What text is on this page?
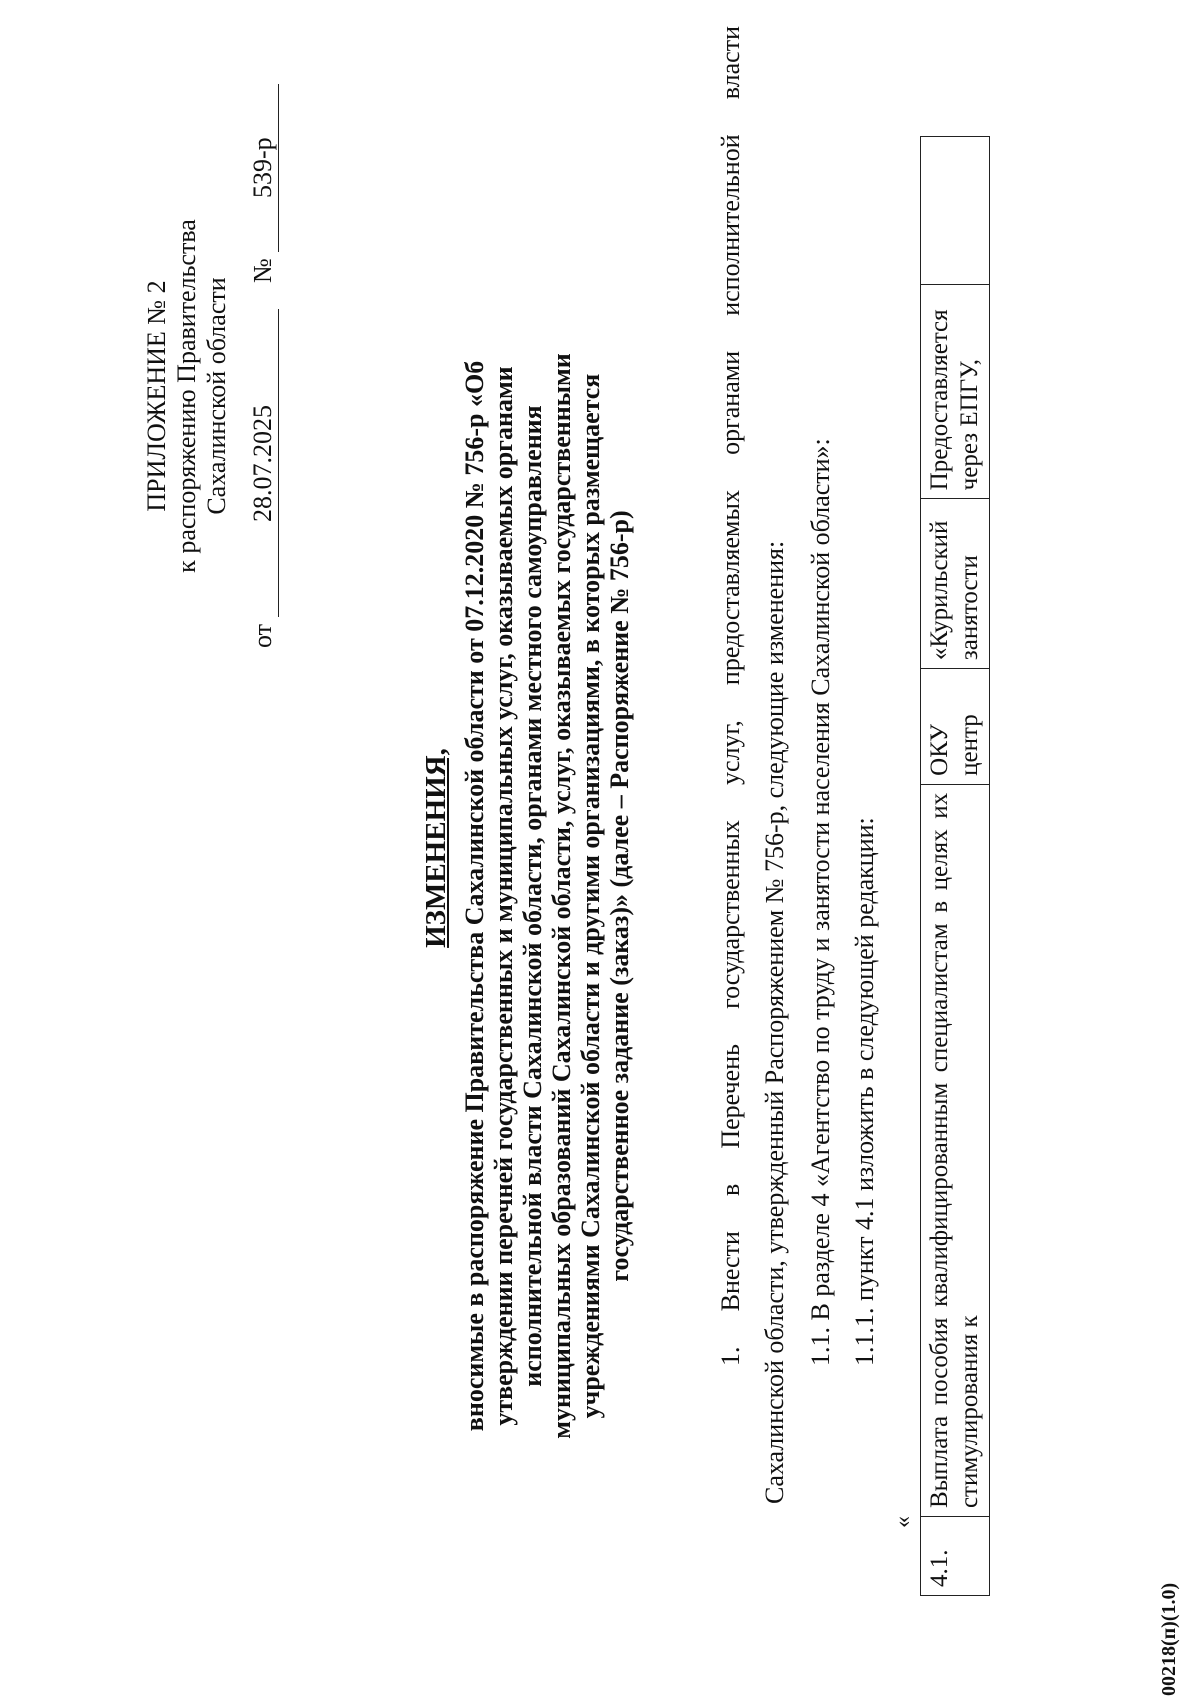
ПРИЛОЖЕНИЕ № 2 к распоряжению Правительства Сахалинской области
от 28.07.2025 № 539-р
ИЗМЕНЕНИЯ, вносимые в распоряжение Правительства Сахалинской области от 07.12.2020 № 756-р «Об утверждении перечней государственных и муниципальных услуг, оказываемых органами исполнительной власти Сахалинской области, органами местного самоуправления муниципальных образований Сахалинской области, услуг, оказываемых государственными учреждениями Сахалинской области и другими организациями, в которых размещается государственное задание (заказ)» (далее – Распоряжение № 756-р)	1. Внести в Перечень государственных услуг, предоставляемых органами исполнительной власти Сахалинской области, утвержденный Распоряжением № 756-р, следующие изменения: 1.1. В разделе 4 «Агентство по труду и занятости населения Сахалинской области»: 1.1.1. пункт 4.1 изложить в следующей редакции:
«
4.1.	Выплата пособия квалифицированным специалистам в целях их стимулирования к	ОКУ центр	«Курильский занятости	Предоставляется через ЕПГУ,	
00218(п)(1.0)
